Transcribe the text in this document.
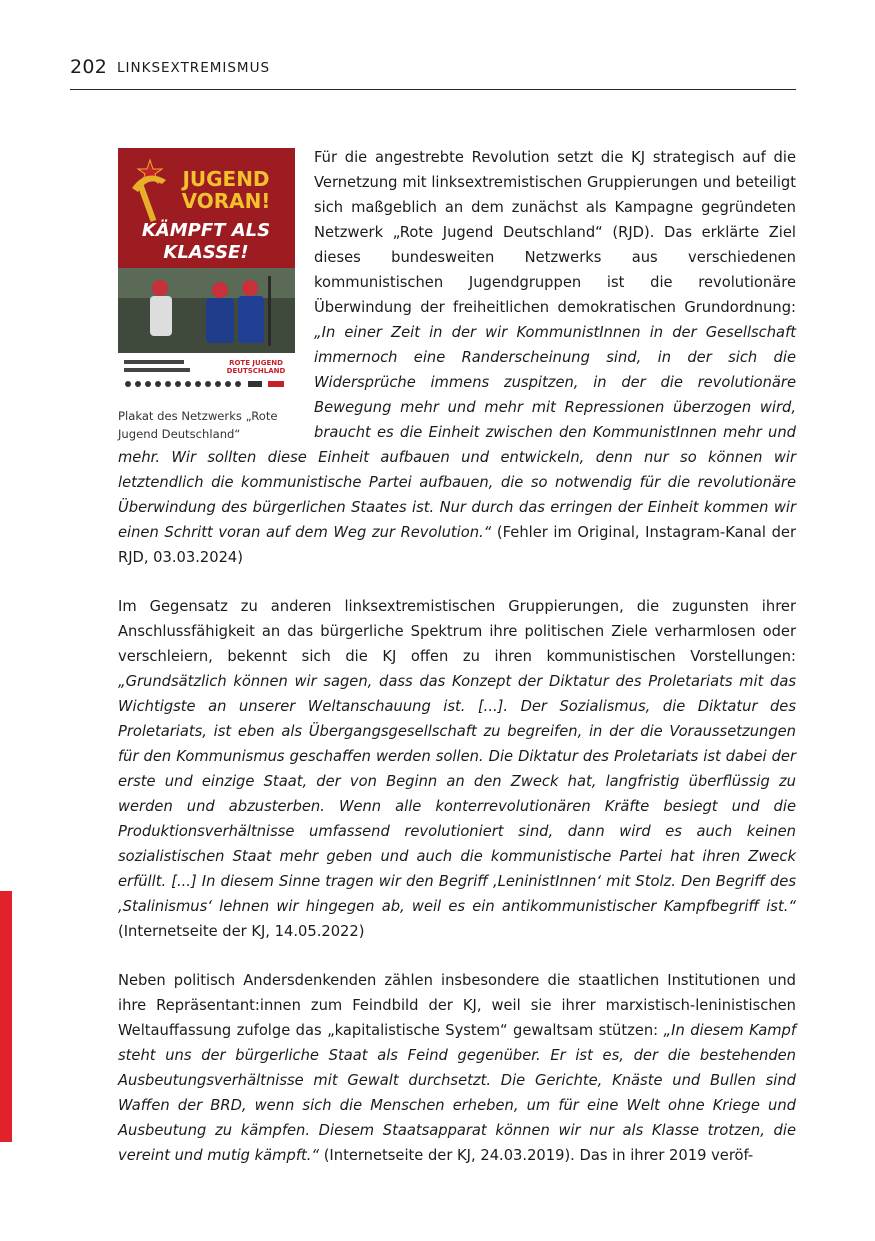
202 LINKSEXTREMISMUS
JUGEND
VORAN!
KÄMPFT ALS
KLASSE!
ROTE JUGEND
DEUTSCHLAND
Plakat des Netzwerks „Rote Jugend Deutschland“

Für die angestrebte Revolution setzt die KJ strategisch auf die Vernetzung mit linksextremistischen Gruppierungen und beteiligt sich maßgeblich an dem zunächst als Kampagne gegründeten Netzwerk „Rote Jugend Deutschland“ (RJD). Das erklärte Ziel dieses bundesweiten Netzwerks aus verschiedenen kommunistischen Jugendgruppen ist die revolutionäre Überwindung der freiheitlichen demokratischen Grundordnung: „In einer Zeit in der wir KommunistInnen in der Gesellschaft immernoch eine Randerscheinung sind, in der sich die Widersprüche immens zuspitzen, in der die revolutionäre Bewegung mehr und mehr mit Repressionen überzogen wird, braucht es die Einheit zwischen den KommunistInnen mehr und mehr. Wir sollten diese Einheit aufbauen und entwickeln, denn nur so können wir letztendlich die kommunistische Partei aufbauen, die so notwendig für die revolutionäre Überwindung des bürgerlichen Staates ist. Nur durch das erringen der Einheit kommen wir einen Schritt voran auf dem Weg zur Revolution.“ (Fehler im Original, Instagram-Kanal der RJD, 03.03.2024)

Im Gegensatz zu anderen linksextremistischen Gruppierungen, die zugunsten ihrer Anschlussfähigkeit an das bürgerliche Spektrum ihre politischen Ziele verharmlosen oder verschleiern, bekennt sich die KJ offen zu ihren kommunistischen Vorstellungen: „Grundsätzlich können wir sagen, dass das Konzept der Diktatur des Proletariats mit das Wichtigste an unserer Weltanschauung ist. [...]. Der Sozialismus, die Diktatur des Proletariats, ist eben als Übergangsgesellschaft zu begreifen, in der die Voraussetzungen für den Kommunismus geschaffen werden sollen. Die Diktatur des Proletariats ist dabei der erste und einzige Staat, der von Beginn an den Zweck hat, langfristig überflüssig zu werden und abzusterben. Wenn alle konterrevolutionären Kräfte besiegt und die Produktionsverhältnisse umfassend revolutioniert sind, dann wird es auch keinen sozialistischen Staat mehr geben und auch die kommunistische Partei hat ihren Zweck erfüllt. [...] In diesem Sinne tragen wir den Begriff ‚LeninistInnen‘ mit Stolz. Den Begriff des ‚Stalinismus‘ lehnen wir hingegen ab, weil es ein antikommunistischer Kampfbegriff ist.“ (Internetseite der KJ, 14.05.2022)

Neben politisch Andersdenkenden zählen insbesondere die staatlichen Institutionen und ihre Repräsentant:innen zum Feindbild der KJ, weil sie ihrer marxistisch-leninistischen Weltauffassung zufolge das „kapitalistische System“ gewaltsam stützen: „In diesem Kampf steht uns der bürgerliche Staat als Feind gegenüber. Er ist es, der die bestehenden Ausbeutungsverhältnisse mit Gewalt durchsetzt. Die Gerichte, Knäste und Bullen sind Waffen der BRD, wenn sich die Menschen erheben, um für eine Welt ohne Kriege und Ausbeutung zu kämpfen. Diesem Staatsapparat können wir nur als Klasse trotzen, die vereint und mutig kämpft.“ (Internetseite der KJ, 24.03.2019). Das in ihrer 2019 veröf-
